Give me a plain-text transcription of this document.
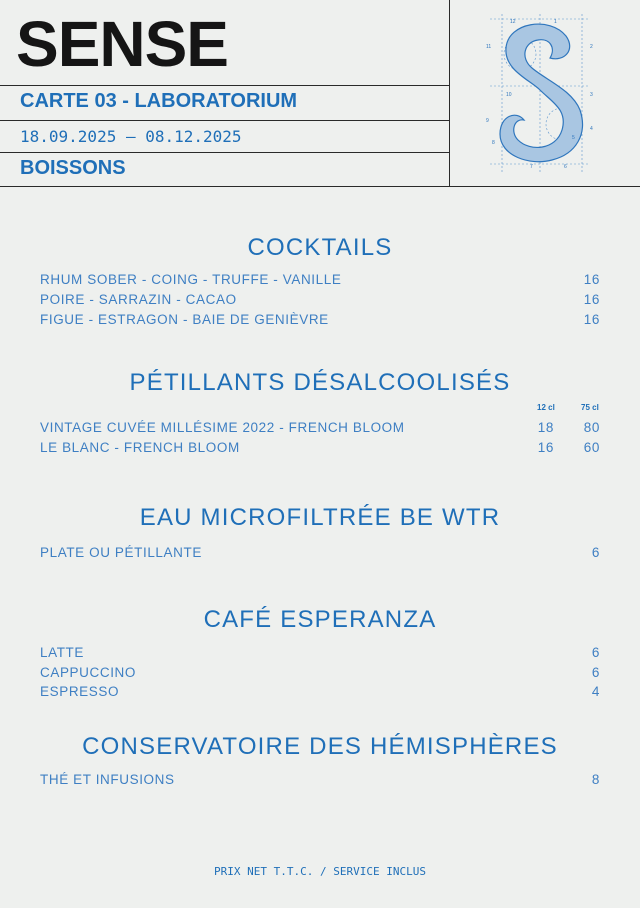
SENSE
CARTE 03 - LABORATORIUM
18.09.2025 – 08.12.2025
BOISSONS
12	1
11	2
10	3
9
4
8
5
7	6
COCKTAILS
RHUM SOBER - COING - TRUFFE - VANILLE	16
POIRE - SARRAZIN - CACAO	16
FIGUE - ESTRAGON - BAIE DE GENIÈVRE	16
PÉTILLANTS DÉSALCOOLISÉS
12 cl	75 cl
VINTAGE CUVÉE MILLÉSIME 2022 - FRENCH BLOOM	18 80
LE BLANC - FRENCH BLOOM	16 60
EAU MICROFILTRÉE BE WTR
PLATE OU PÉTILLANTE	6
CAFÉ ESPERANZA
LATTE	6
CAPPUCCINO	6
ESPRESSO	4
CONSERVATOIRE DES HÉMISPHÈRES
THÉ ET INFUSIONS	8
PRIX NET T.T.C. / SERVICE INCLUS
